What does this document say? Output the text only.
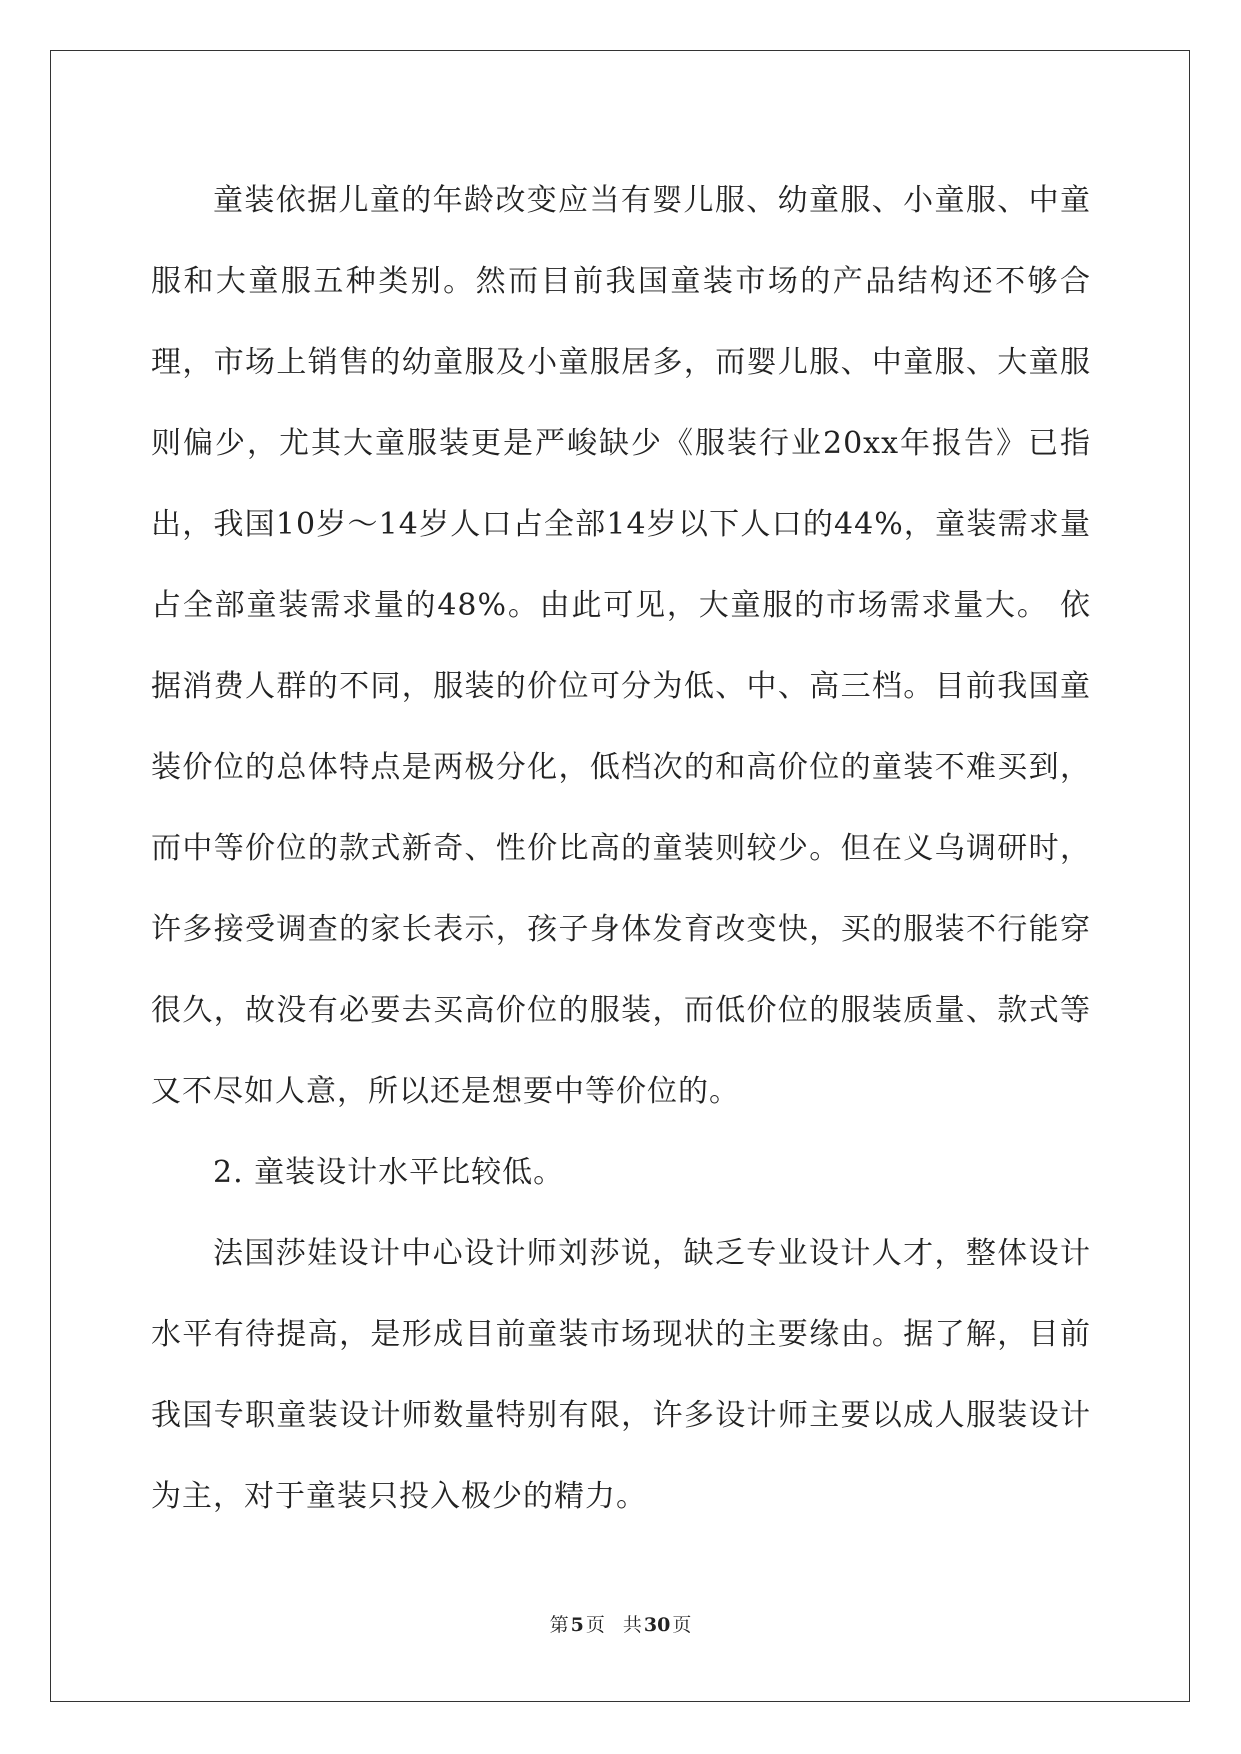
童装依据儿童的年龄改变应当有婴儿服、幼童服、小童服、中童服和大童服五种类别。然而目前我国童装市场的产品结构还不够合理，市场上销售的幼童服及小童服居多，而婴儿服、中童服、大童服则偏少，尤其大童服装更是严峻缺少《服装行业20xx年报告》已指出，我国10岁～14岁人口占全部14岁以下人口的44%，童装需求量占全部童装需求量的48%。由此可见，大童服的市场需求量大。 依据消费人群的不同，服装的价位可分为低、中、高三档。目前我国童装价位的总体特点是两极分化，低档次的和高价位的童装不难买到，而中等价位的款式新奇、性价比高的童装则较少。但在义乌调研时，许多接受调查的家长表示，孩子身体发育改变快，买的服装不行能穿很久，故没有必要去买高价位的服装，而低价位的服装质量、款式等又不尽如人意，所以还是想要中等价位的。

2. 童装设计水平比较低。

法国莎娃设计中心设计师刘莎说，缺乏专业设计人才，整体设计水平有待提高，是形成目前童装市场现状的主要缘由。据了解，目前我国专职童装设计师数量特别有限，许多设计师主要以成人服装设计为主，对于童装只投入极少的精力。

第 5 页 共 30 页
